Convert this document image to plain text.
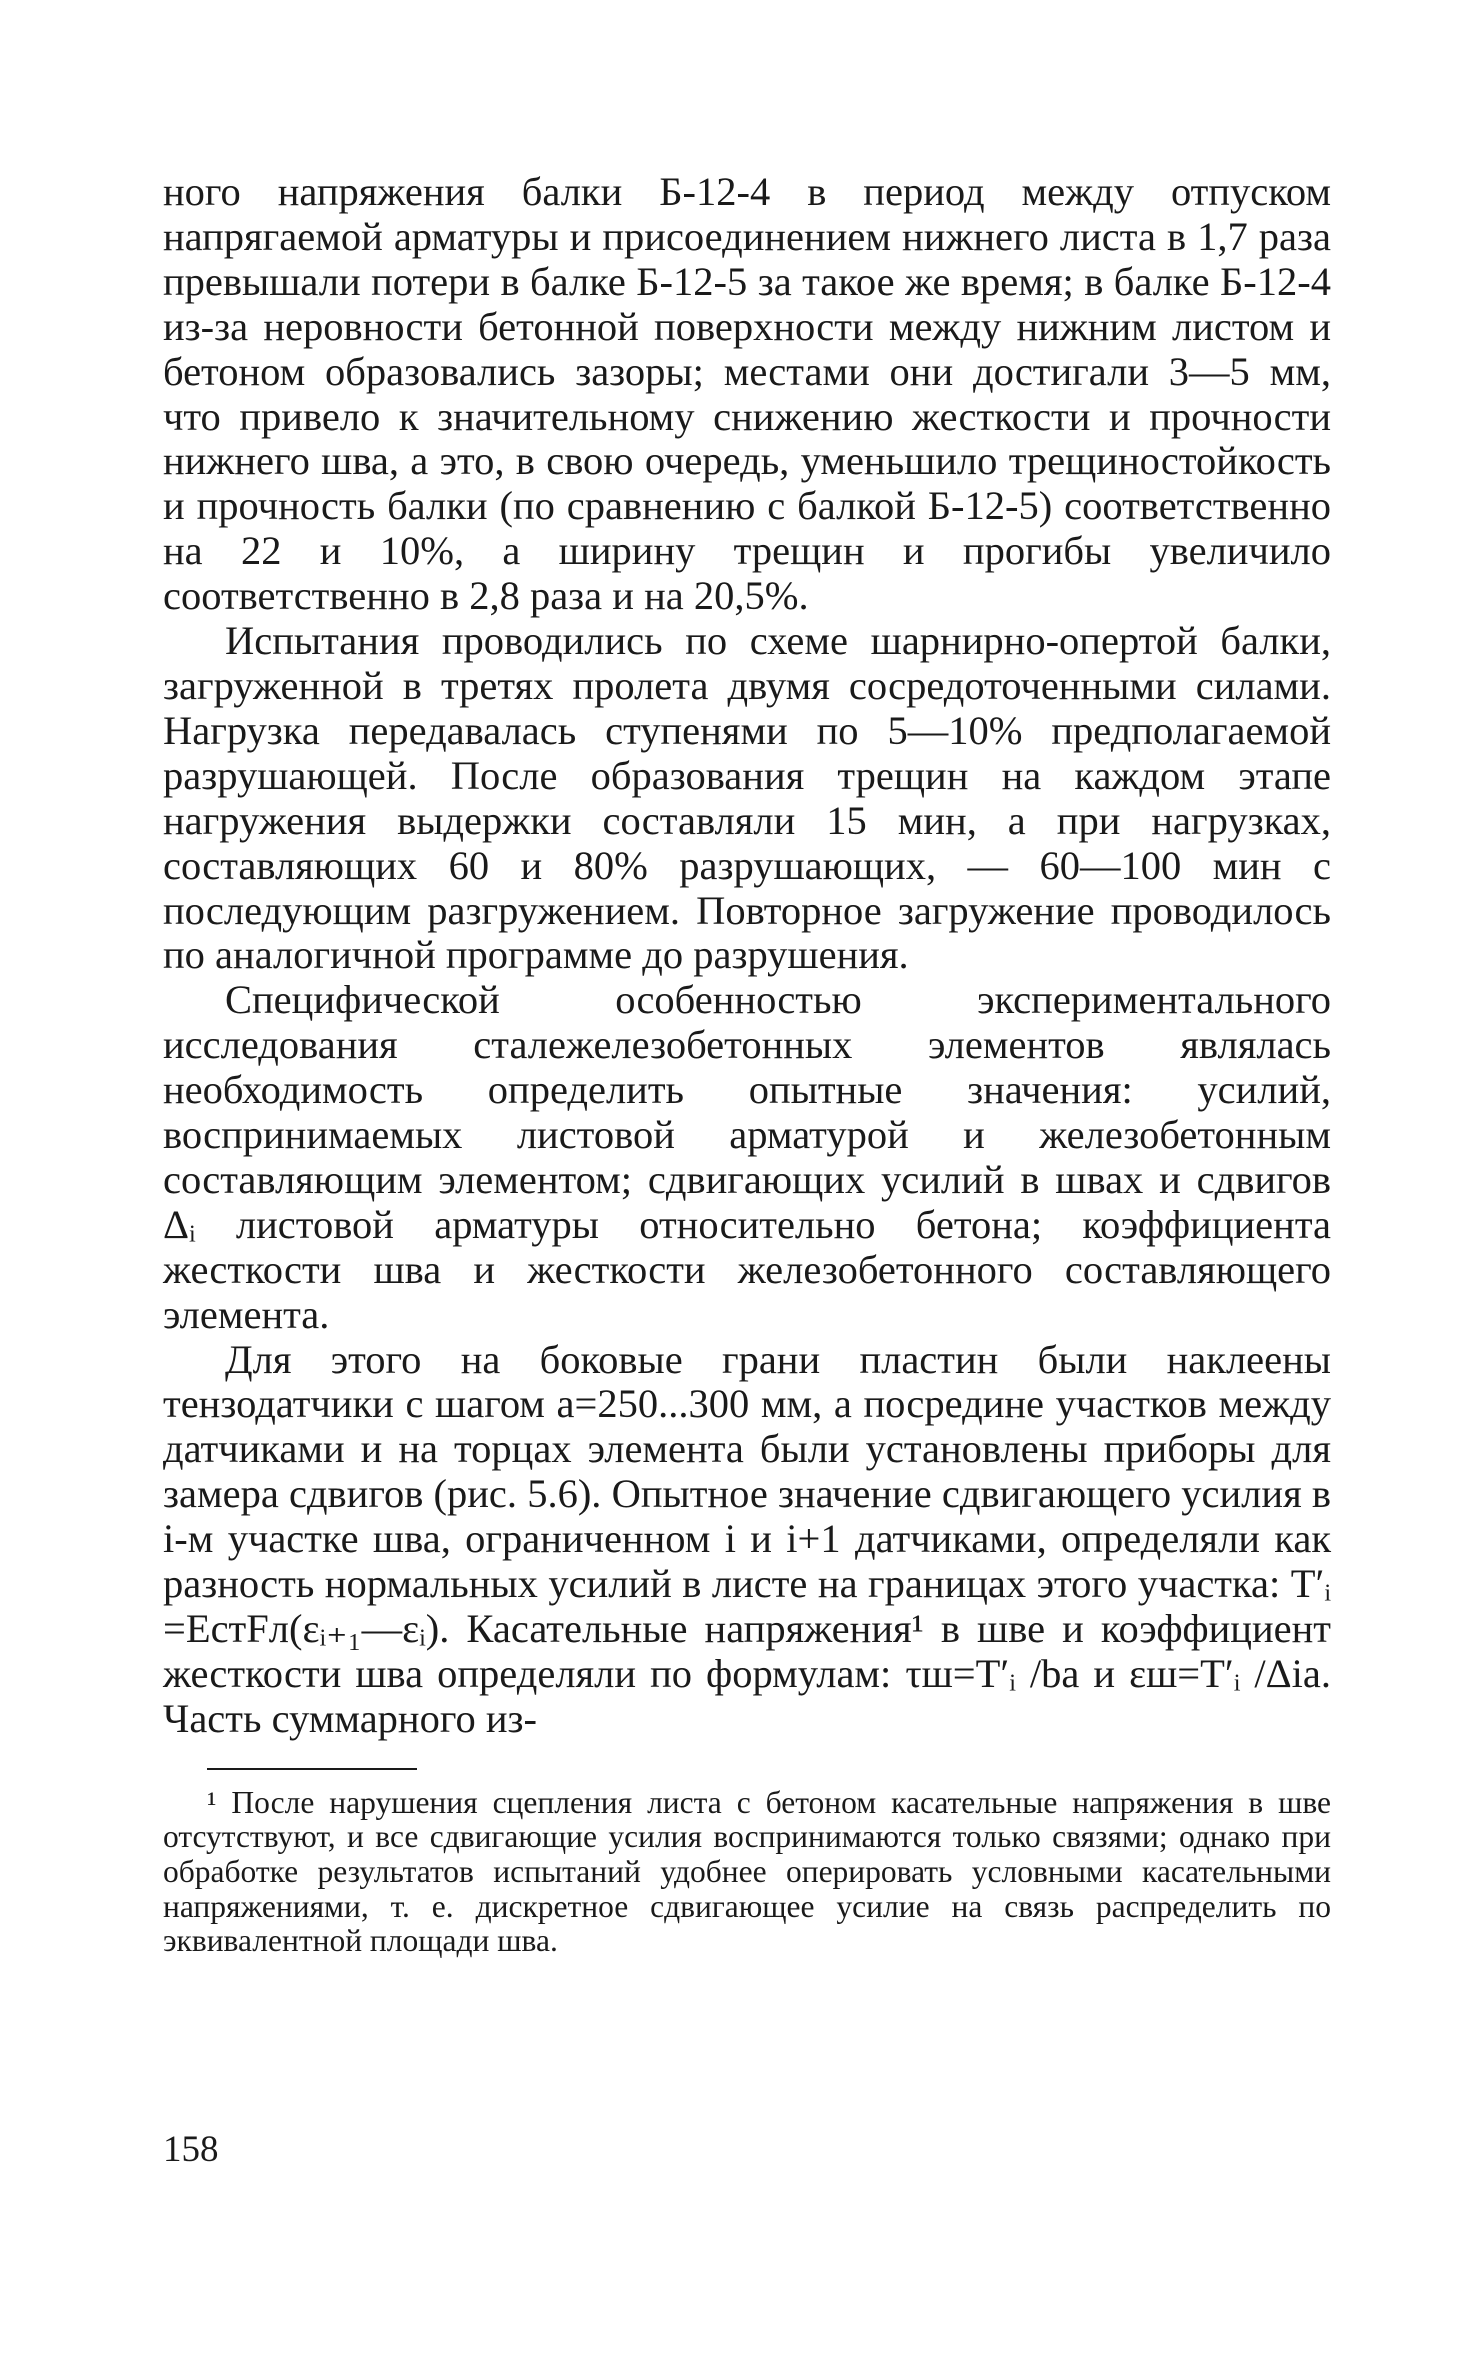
ного напряжения балки Б-12-4 в период между отпуском напрягаемой арматуры и присоединением нижнего листа в 1,7 раза превышали потери в балке Б-12-5 за такое же время; в балке Б-12-4 из-за неровности бетонной поверхности между нижним листом и бетоном образовались зазоры; местами они достигали 3—5 мм, что привело к значительному снижению жесткости и прочности нижнего шва, а это, в свою очередь, уменьшило трещиностойкость и прочность балки (по сравнению с балкой Б-12-5) соответственно на 22 и 10%, а ширину трещин и прогибы увеличило соответственно в 2,8 раза и на 20,5%.

Испытания проводились по схеме шарнирно-опертой балки, загруженной в третях пролета двумя сосредоточенными силами. Нагрузка передавалась ступенями по 5—10% предполагаемой разрушающей. После образования трещин на каждом этапе нагружения выдержки составляли 15 мин, а при нагрузках, составляющих 60 и 80% разрушающих, — 60—100 мин с последующим разгружением. Повторное загружение проводилось по аналогичной программе до разрушения.

Специфической особенностью экспериментального исследования сталежелезобетонных элементов являлась необходимость определить опытные значения: усилий, воспринимаемых листовой арматурой и железобетонным составляющим элементом; сдвигающих усилий в швах и сдвигов Δᵢ листовой арматуры относительно бетона; коэффициента жесткости шва и жесткости железобетонного составляющего элемента.

Для этого на боковые грани пластин были наклеены тензодатчики с шагом a=250...300 мм, а посредине участков между датчиками и на торцах элемента были установлены приборы для замера сдвигов (рис. 5.6). Опытное значение сдвигающего усилия в i-м участке шва, ограниченном i и i+1 датчиками, определяли как разность нормальных усилий в листе на границах этого участка: T′ᵢ =EстFл(εᵢ₊₁—εᵢ). Касательные напряжения¹ в шве и коэффициент жесткости шва определяли по формулам: τш=T′ᵢ /ba и εш=T′ᵢ /Δia. Часть суммарного из-

¹ После нарушения сцепления листа с бетоном касательные напряжения в шве отсутствуют, и все сдвигающие усилия воспринимаются только связями; однако при обработке результатов испытаний удобнее оперировать условными касательными напряжениями, т. е. дискретное сдвигающее усилие на связь распределить по эквивалентной площади шва.

158
